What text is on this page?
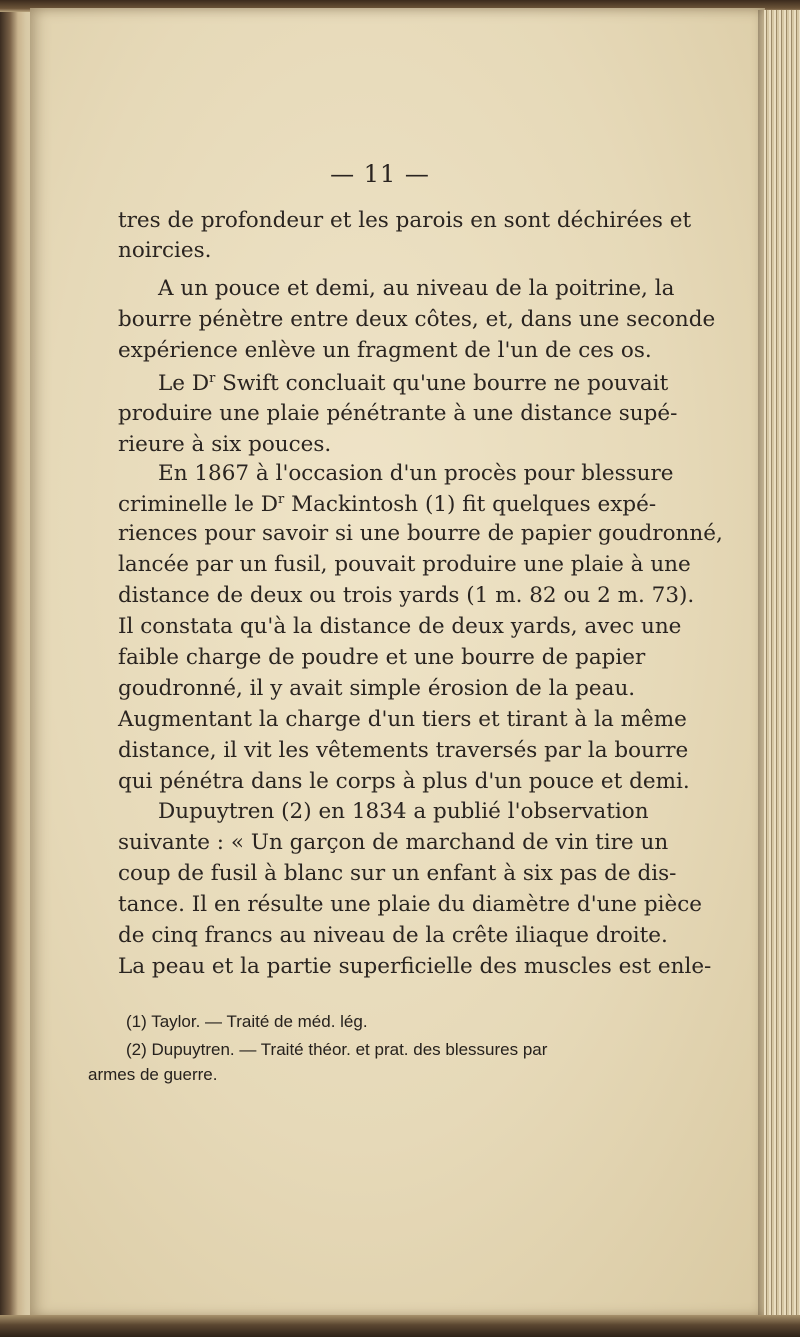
— 11 —
tres de profondeur et les parois en sont déchirées et
noircies.
A un pouce et demi, au niveau de la poitrine, la
bourre pénètre entre deux côtes, et, dans une seconde
expérience enlève un fragment de l'un de ces os.
Le $D^r$ Swift concluait qu'une bourre ne pouvait
produire une plaie pénétrante à une distance supé-
rieure à six pouces.
En 1867 à l'occasion d'un procès pour blessure
criminelle le $D^r$ Mackintosh (1) fit quelques expé-
riences pour savoir si une bourre de papier goudronné,
lancée par un fusil, pouvait produire une plaie à une
distance de deux ou trois yards (1 m. 82 ou 2 m. 73).
Il constata qu'à la distance de deux yards, avec une
faible charge de poudre et une bourre de papier
goudronné, il y avait simple érosion de la peau.
Augmentant la charge d'un tiers et tirant à la même
distance, il vit les vêtements traversés par la bourre
qui pénétra dans le corps à plus d'un pouce et demi.
Dupuytren (2) en 1834 a publié l'observation
suivante : « Un garçon de marchand de vin tire un
coup de fusil à blanc sur un enfant à six pas de dis-
tance. Il en résulte une plaie du diamètre d'une pièce
de cinq francs au niveau de la crête iliaque droite.
La peau et la partie superficielle des muscles est enle-
(1) Taylor. — Traité de méd. lég.
(2) Dupuytren. — Traité théor. et prat. des blessures par
armes de guerre.
